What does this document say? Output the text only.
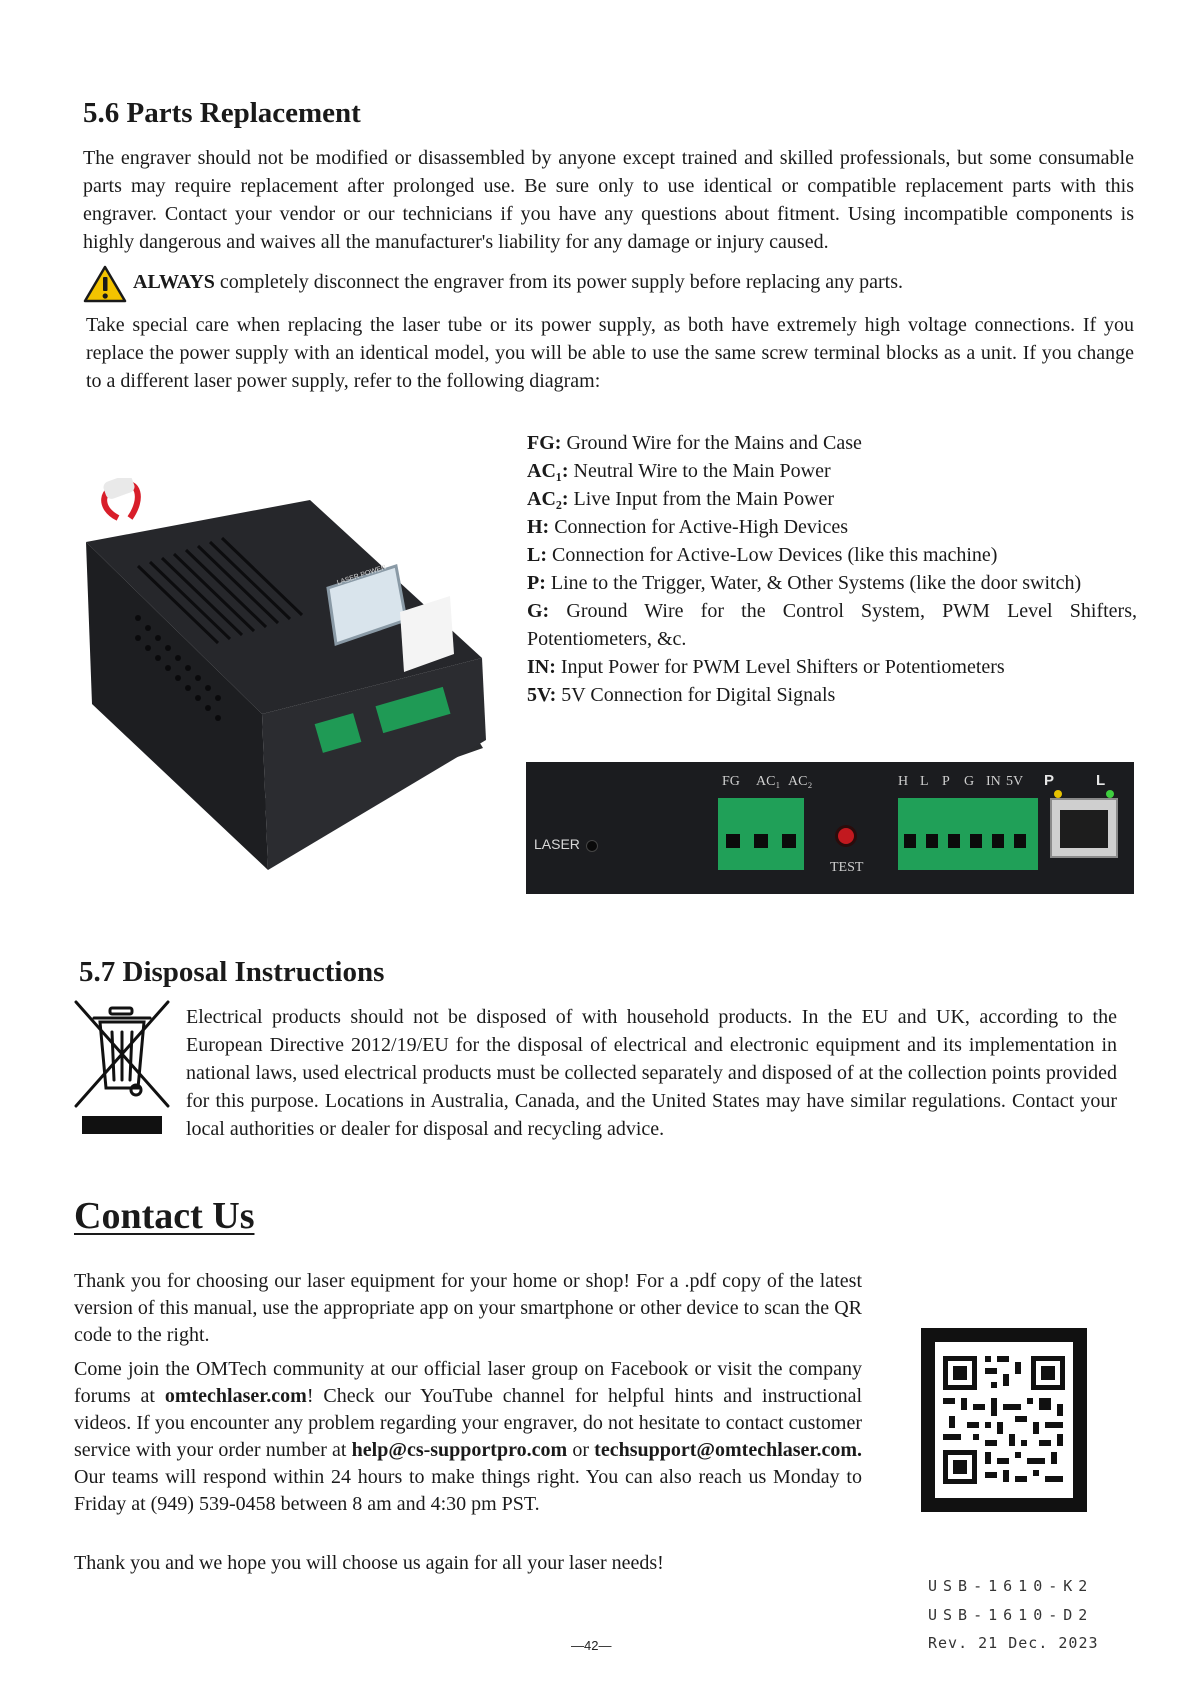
5.6 Parts Replacement

The engraver should not be modified or disassembled by anyone except trained and skilled professionals, but some consumable parts may require replacement after prolonged use. Be sure only to use identical or compatible replacement parts with this engraver. Contact your vendor or our technicians if you have any questions about fitment. Using incompatible components is highly dangerous and waives all the manufacturer's liability for any damage or injury caused.

ALWAYS completely disconnect the engraver from its power supply before replacing any parts.

Take special care when replacing the laser tube or its power supply, as both have extremely high voltage connections. If you replace the power supply with an identical model, you will be able to use the same screw terminal blocks as a unit. If you change to a different laser power supply, refer to the following diagram:

FG: Ground Wire for the Mains and Case
AC₁: Neutral Wire to the Main Power
AC₂: Live Input from the Main Power
H: Connection for Active-High Devices
L: Connection for Active-Low Devices (like this machine)
P: Line to the Trigger, Water, & Other Systems (like the door switch)
G: Ground Wire for the Control System, PWM Level Shifters, Potentiometers, &c.
IN: Input Power for PWM Level Shifters or Potentiometers
5V: 5V Connection for Digital Signals
LASER POWER
LASER
FG AC₁ AC₂
TEST
H L P G IN 5V P	L
5.7 Disposal Instructions

Electrical products should not be disposed of with household products. In the EU and UK, according to the European Directive 2012/19/EU for the disposal of electrical and electronic equipment and its implementation in national laws, used electrical products must be collected separately and disposed of at the collection points provided for this purpose. Locations in Australia, Canada, and the United States may have similar regulations. Contact your local authorities or dealer for disposal and recycling advice.

Contact Us

Thank you for choosing our laser equipment for your home or shop! For a .pdf copy of the latest version of this manual, use the appropriate app on your smartphone or other device to scan the QR code to the right.

Come join the OMTech community at our official laser group on Facebook or visit the company forums at omtechlaser.com! Check our YouTube channel for helpful hints and instructional videos. If you encounter any problem regarding your engraver, do not hesitate to contact customer service with your order number at help@cs-supportpro.com or techsupport@omtechlaser.com. Our teams will respond within 24 hours to make things right. You can also reach us Monday to Friday at (949) 539-0458 between 8 am and 4:30 pm PST.

Thank you and we hope you will choose us again for all your laser needs!

USB-1610-K2
USB-1610-D2
Rev. 21 Dec. 2023
—42—
